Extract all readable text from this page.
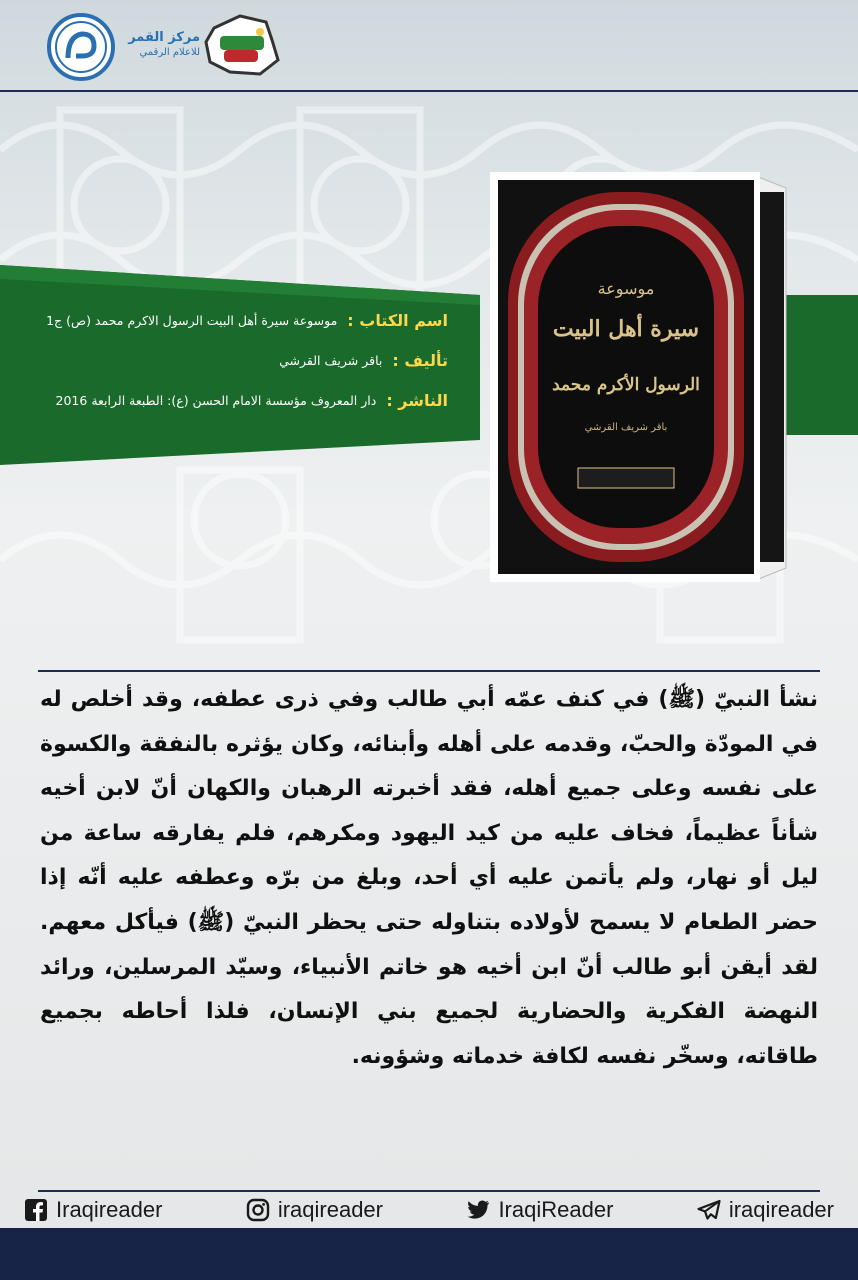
مركز القمر
للاعلام الرقمي
اسم الكتاب :
موسوعة سيرة أهل البيت الرسول الاكرم محمد (ص) ج1
تأليف :
باقر شريف القرشي
الناشر :
دار المعروف مؤسسة الامام الحسن (ع): الطبعة الرابعة 2016
موسوعة
سيرة أهل البيت
الرسول الأكرم محمد
باقر شريف القرشي
نشأ النبيّ (ﷺ) في كنف عمّه أبي طالب وفي ذرى عطفه، وقد أخلص له في المودّة والحبّ، وقدمه على أهله وأبنائه، وكان يؤثره بالنفقة والكسوة على نفسه وعلى جميع أهله، فقد أخبرته الرهبان والكهان أنّ لابن أخيه شأناً عظيماً، فخاف عليه من كيد اليهود ومكرهم، فلم يفارقه ساعة من ليل أو نهار، ولم يأتمن عليه أي أحد، وبلغ من برّه وعطفه عليه أنّه إذا حضر الطعام لا يسمح لأولاده بتناوله حتى يحظر النبيّ (ﷺ) فيأكل معهم. لقد أيقن أبو طالب أنّ ابن أخيه هو خاتم الأنبياء، وسيّد المرسلين، ورائد النهضة الفكرية والحضارية لجميع بني الإنسان، فلذا أحاطه بجميع طاقاته، وسخّر نفسه لكافة خدماته وشؤونه.
Iraqireader	iraqireader	IraqiReader	iraqireader
